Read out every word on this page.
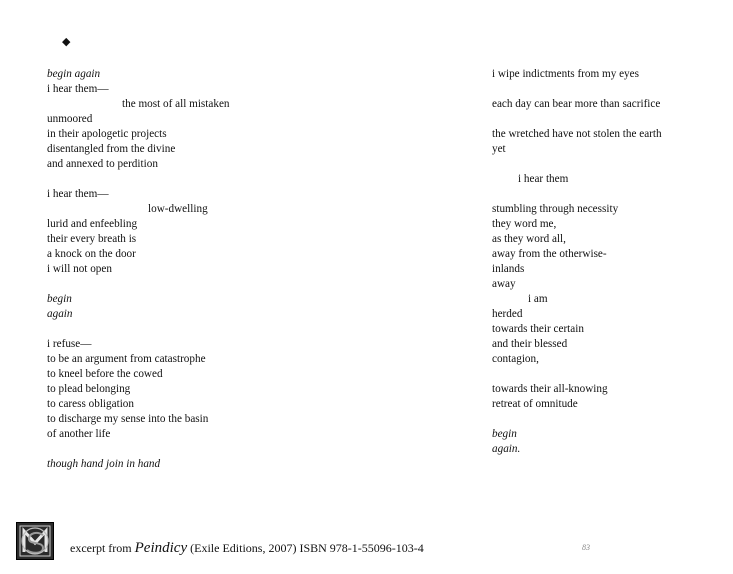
◆
begin again
i hear them—
the most of all mistaken
unmoored
in their apologetic projects
disentangled from the divine
and annexed to perdition
i hear them—
low-dwelling
lurid and enfeebling
their every breath is
a knock on the door
i will not open
begin
again
i refuse—
to be an argument from catastrophe
to kneel before the cowed
to plead belonging
to caress obligation
to discharge my sense into the basin
of another life
though hand join in hand
i wipe indictments from my eyes
each day can bear more than sacrifice
the wretched have not stolen the earth
yet
i hear them
stumbling through necessity
they word me,
as they word all,
away from the otherwise-
inlands
away
i am
herded
towards their certain
and their blessed
contagion,
towards their all-knowing
retreat of omnitude
begin
again.
excerpt from Peindicy (Exile Editions, 2007) ISBN 978-1-55096-103-4	83
